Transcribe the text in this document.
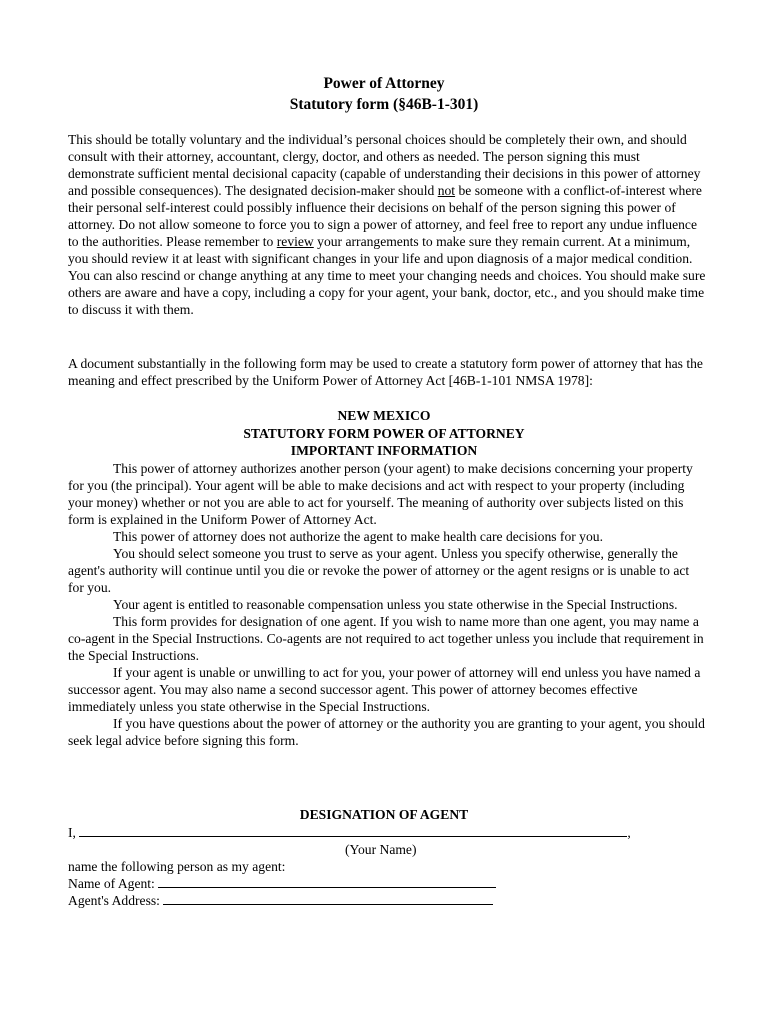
Power of Attorney
Statutory form (§46B-1-301)
This should be totally voluntary and the individual’s personal choices should be completely their own, and should consult with their attorney, accountant, clergy, doctor, and others as needed. The person signing this must demonstrate sufficient mental decisional capacity (capable of understanding their decisions in this power of attorney and possible consequences). The designated decision-maker should not be someone with a conflict-of-interest where their personal self-interest could possibly influence their decisions on behalf of the person signing this power of attorney. Do not allow someone to force you to sign a power of attorney, and feel free to report any undue influence to the authorities. Please remember to review your arrangements to make sure they remain current. At a minimum, you should review it at least with significant changes in your life and upon diagnosis of a major medical condition. You can also rescind or change anything at any time to meet your changing needs and choices. You should make sure others are aware and have a copy, including a copy for your agent, your bank, doctor, etc., and you should make time to discuss it with them.
A document substantially in the following form may be used to create a statutory form power of attorney that has the meaning and effect prescribed by the Uniform Power of Attorney Act [46B-1-101 NMSA 1978]:
NEW MEXICO
STATUTORY FORM POWER OF ATTORNEY
IMPORTANT INFORMATION
This power of attorney authorizes another person (your agent) to make decisions concerning your property for you (the principal). Your agent will be able to make decisions and act with respect to your property (including your money) whether or not you are able to act for yourself. The meaning of authority over subjects listed on this form is explained in the Uniform Power of Attorney Act.
This power of attorney does not authorize the agent to make health care decisions for you.
You should select someone you trust to serve as your agent. Unless you specify otherwise, generally the agent's authority will continue until you die or revoke the power of attorney or the agent resigns or is unable to act for you.
Your agent is entitled to reasonable compensation unless you state otherwise in the Special Instructions.
This form provides for designation of one agent. If you wish to name more than one agent, you may name a co-agent in the Special Instructions. Co-agents are not required to act together unless you include that requirement in the Special Instructions.
If your agent is unable or unwilling to act for you, your power of attorney will end unless you have named a successor agent. You may also name a second successor agent. This power of attorney becomes effective immediately unless you state otherwise in the Special Instructions.
If you have questions about the power of attorney or the authority you are granting to your agent, you should seek legal advice before signing this form.
DESIGNATION OF AGENT
I,	,
(Your Name)
name the following person as my agent:
Name of Agent:
Agent's Address:
